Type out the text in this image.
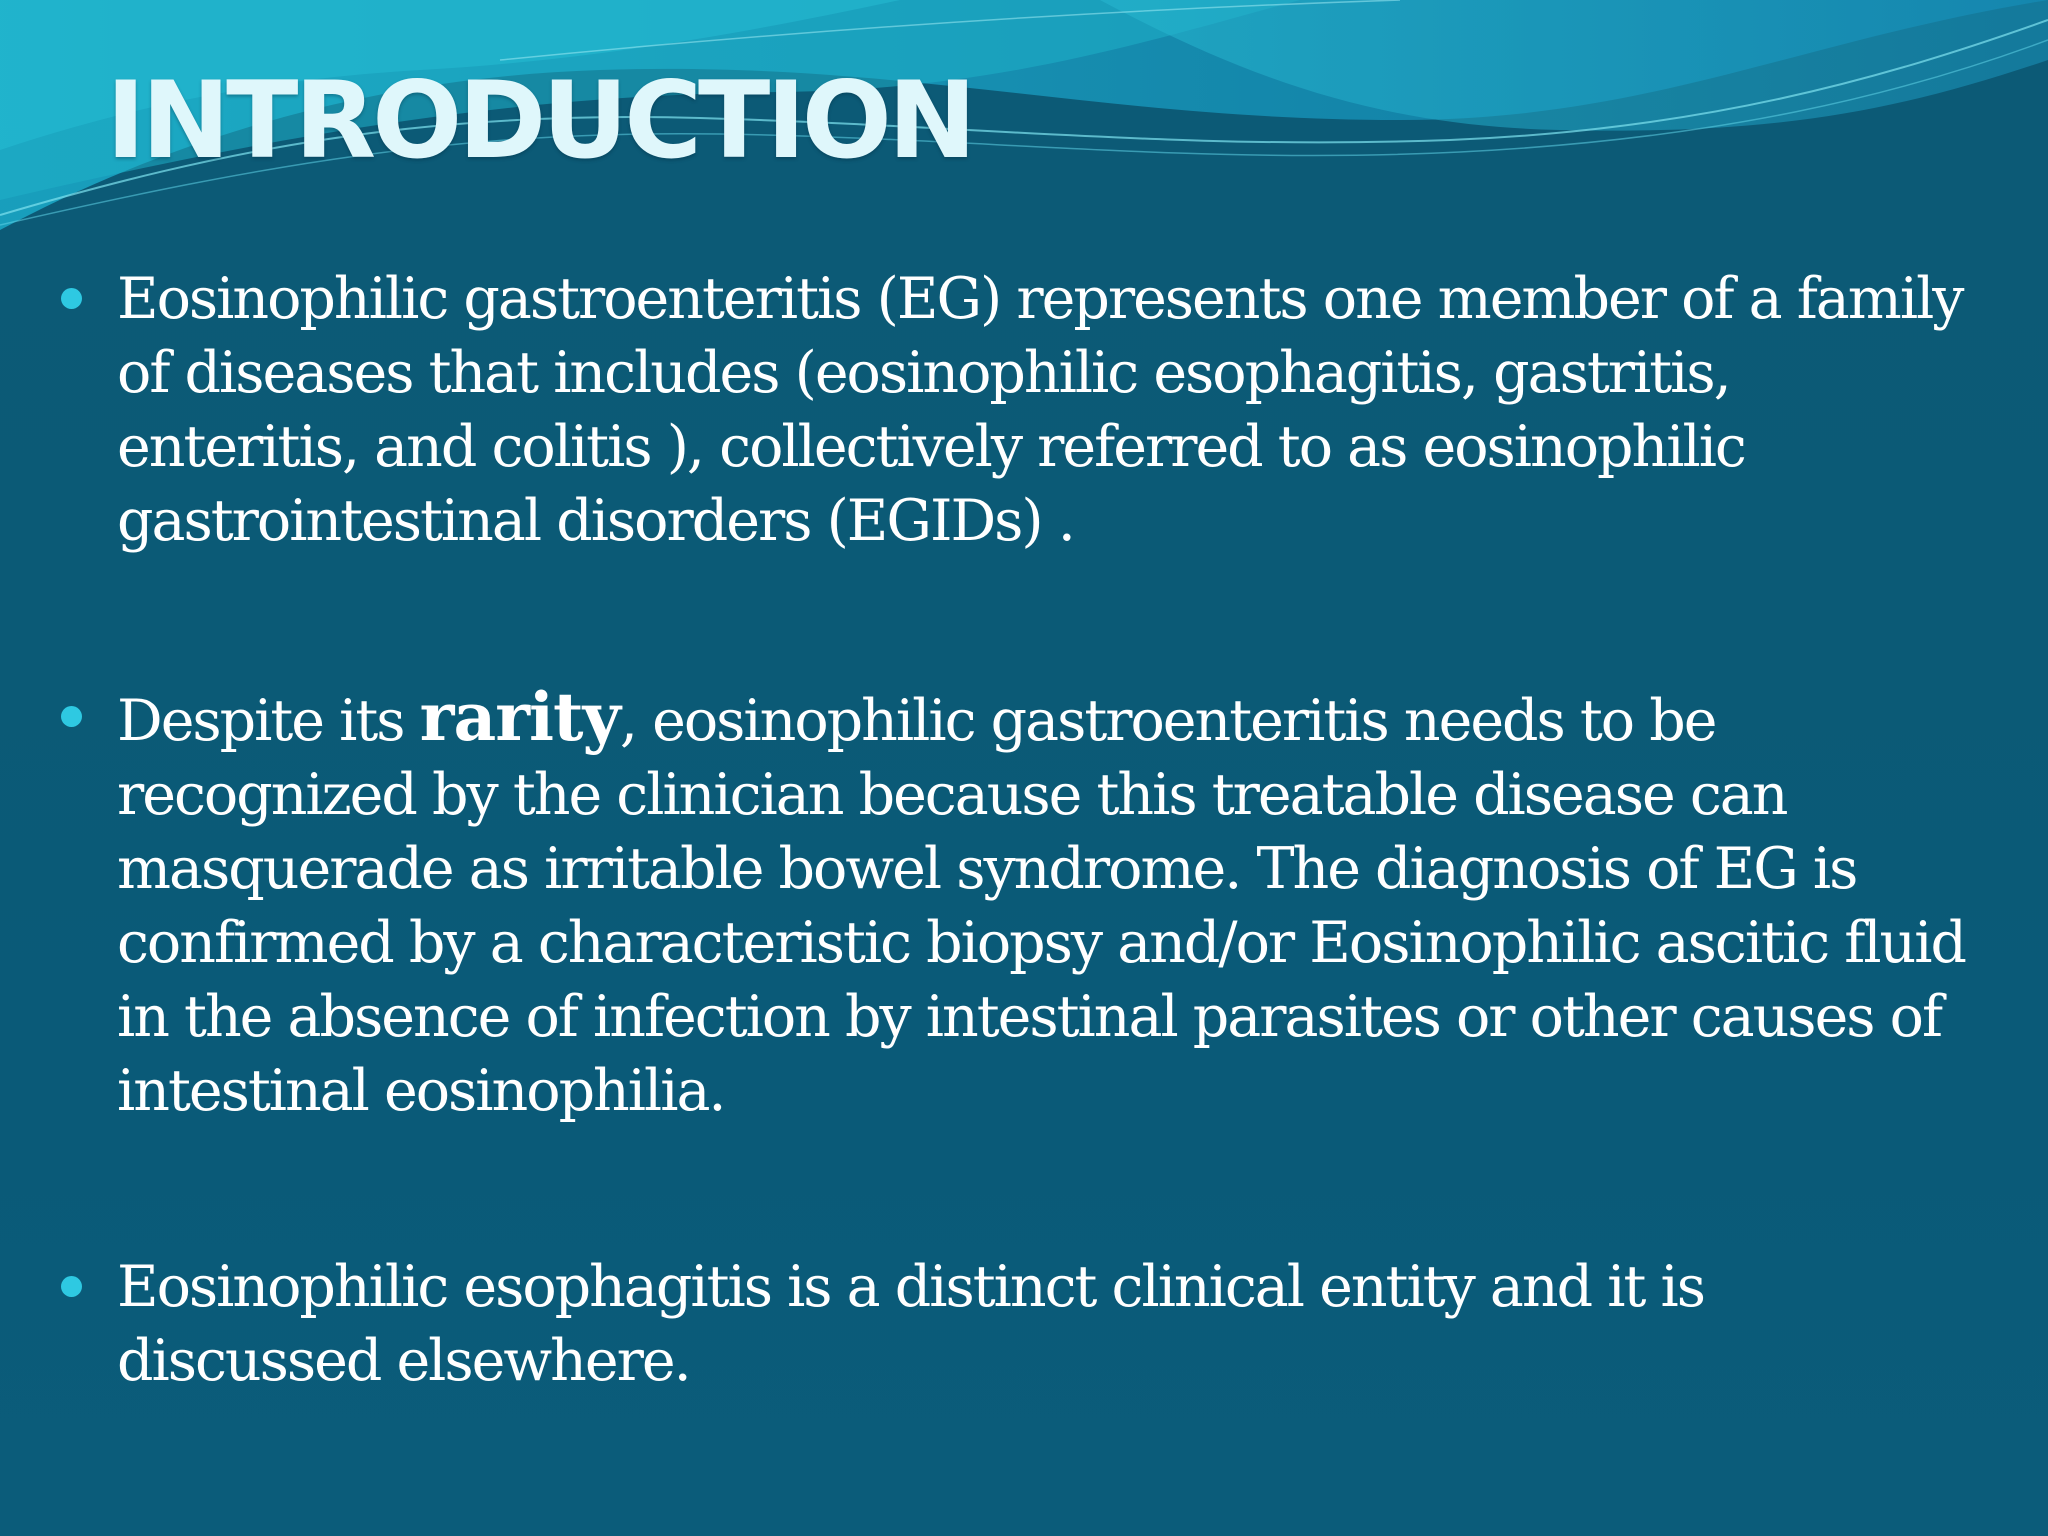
INTRODUCTION
Eosinophilic gastroenteritis (EG) represents one member of a family of diseases that includes (eosinophilic esophagitis, gastritis, enteritis, and colitis ), collectively referred to as eosinophilic gastrointestinal disorders (EGIDs) .
Despite its rarity, eosinophilic gastroenteritis needs to be recognized by the clinician because this treatable disease can masquerade as irritable bowel syndrome. The diagnosis of EG is confirmed by a characteristic biopsy and/or Eosinophilic ascitic fluid in the absence of infection by intestinal parasites or other causes of intestinal eosinophilia.
Eosinophilic esophagitis is a distinct clinical entity and it is discussed elsewhere.
